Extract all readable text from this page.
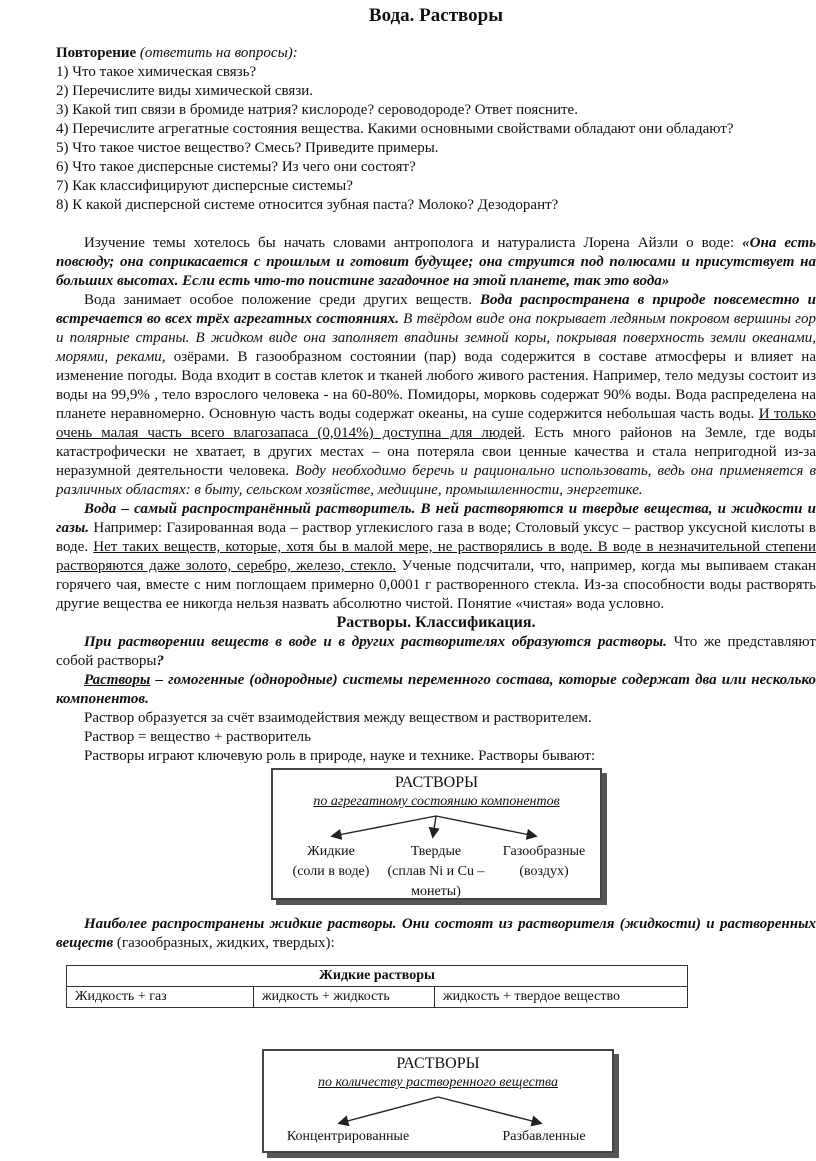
Вода. Растворы
Повторение (ответить на вопросы):
1) Что такое химическая связь?
2) Перечислите виды химической связи.
3) Какой тип связи в бромиде натрия? кислороде? сероводороде? Ответ поясните.
4) Перечислите агрегатные состояния вещества. Какими основными свойствами обладают они обладают?
5) Что такое чистое вещество? Смесь? Приведите примеры.
6) Что такое дисперсные системы? Из чего они состоят?
7) Как классифицируют дисперсные системы?
8) К какой дисперсной системе относится зубная паста? Молоко? Дезодорант?

Изучение темы хотелось бы начать словами антрополога и натуралиста Лорена Айзли о воде: «Она есть повсюду; она соприкасается с прошлым и готовит будущее; она струится под полюсами и присутствует на больших высотах. Если есть что-то поистине загадочное на этой планете, так это вода»

Вода занимает особое положение среди других веществ. Вода распространена в природе повсеместно и встречается во всех трёх агрегатных состояниях. В твёрдом виде она покрывает ледяным покровом вершины гор и полярные страны. В жидком виде она заполняет впадины земной коры, покрывая поверхность земли океанами, морями, реками, озёрами. В газообразном состоянии (пар) вода содержится в составе атмосферы и влияет на изменение погоды. Вода входит в состав клеток и тканей любого живого растения. Например, тело медузы состоит из воды на 99,9% , тело взрослого человека - на 60-80%. Помидоры, морковь содержат 90% воды. Вода распределена на планете неравномерно. Основную часть воды содержат океаны, на суше содержится небольшая часть воды. И только очень малая часть всего влагозапаса (0,014%) доступна для людей. Есть много районов на Земле, где воды катастрофически не хватает, в других местах – она потеряла свои ценные качества и стала непригодной из-за неразумной деятельности человека. Воду необходимо беречь и рационально использовать, ведь она применяется в различных областях: в быту, сельском хозяйстве, медицине, промышленности, энергетике.

Вода – самый распространённый растворитель. В ней растворяются и твердые вещества, и жидкости и газы. Например: Газированная вода – раствор углекислого газа в воде; Столовый уксус – раствор уксусной кислоты в воде. Нет таких веществ, которые, хотя бы в малой мере, не растворялись в воде. В воде в незначительной степени растворяются даже золото, серебро, железо, стекло. Ученые подсчитали, что, например, когда мы выпиваем стакан горячего чая, вместе с ним поглощаем примерно 0,0001 г растворенного стекла. Из-за способности воды растворять другие вещества ее никогда нельзя назвать абсолютно чистой. Понятие «чистая» вода условно.

Растворы. Классификация.

При растворении веществ в воде и в других растворителях образуются растворы. Что же представляют собой растворы?

Растворы – гомогенные (однородные) системы переменного состава, которые содержат два или несколько компонентов.

Раствор образуется за счёт взаимодействия между веществом и растворителем.

Раствор = вещество + растворитель

Растворы играют ключевую роль в природе, науке и технике. Растворы бывают:

РАСТВОРЫ
по агрегатному состоянию компонентов
Жидкие
(соли в воде)
Твердые
(сплав Ni и Cu –
монеты)
Газообразные
(воздух)

Наиболее распространены жидкие растворы. Они состоят из растворителя (жидкости) и растворенных веществ (газообразных, жидких, твердых):

Жидкие растворы
Жидкость + газ	жидкость + жидкость	жидкость + твердое вещество
РАСТВОРЫ
по количеству растворенного вещества
Концентрированные	Разбавленные
